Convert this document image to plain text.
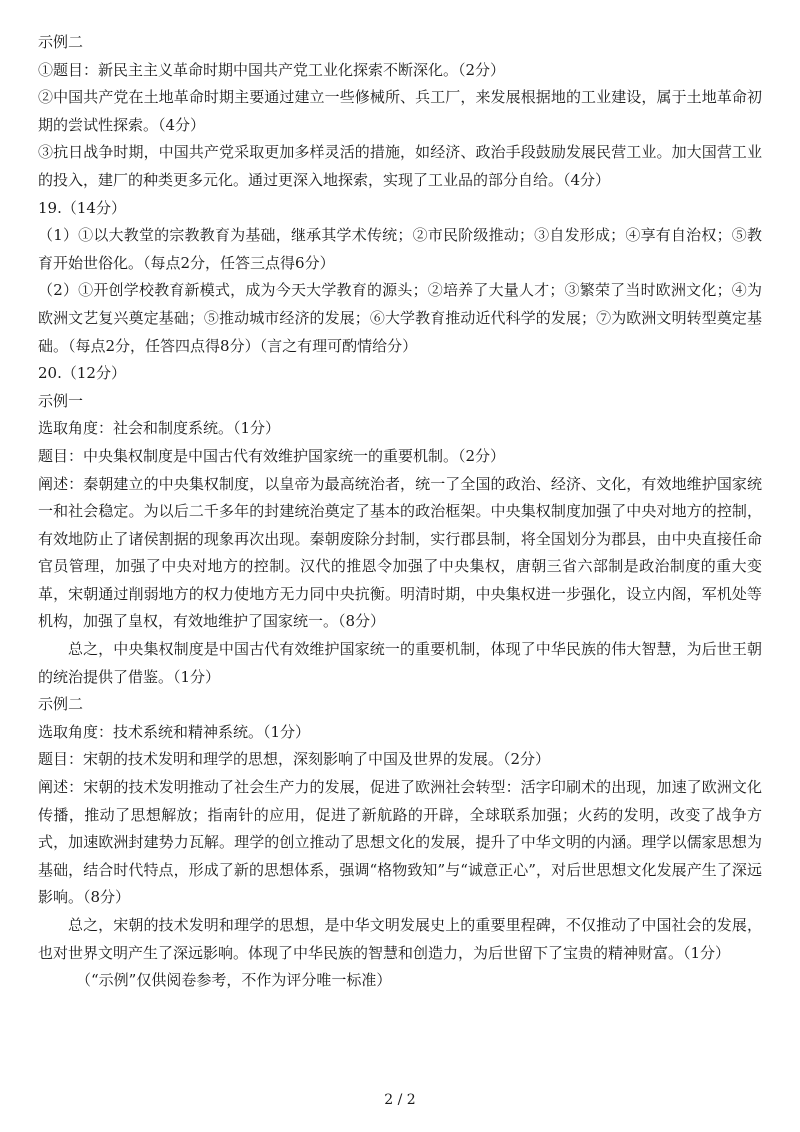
示例二

①题目：新民主主义革命时期中国共产党工业化探索不断深化。（2分）

②中国共产党在土地革命时期主要通过建立一些修械所、兵工厂，来发展根据地的工业建设，属于土地革命初期的尝试性探索。（4分）

③抗日战争时期，中国共产党采取更加多样灵活的措施，如经济、政治手段鼓励发展民营工业。加大国营工业的投入，建厂的种类更多元化。通过更深入地探索，实现了工业品的部分自给。（4分）

19.（14分）

（1）①以大教堂的宗教教育为基础，继承其学术传统；②市民阶级推动；③自发形成；④享有自治权；⑤教育开始世俗化。（每点2分，任答三点得6分）

（2）①开创学校教育新模式，成为今天大学教育的源头；②培养了大量人才；③繁荣了当时欧洲文化；④为欧洲文艺复兴奠定基础；⑤推动城市经济的发展；⑥大学教育推动近代科学的发展；⑦为欧洲文明转型奠定基础。（每点2分，任答四点得8分）（言之有理可酌情给分）

20.（12分）

示例一

选取角度：社会和制度系统。（1分）

题目：中央集权制度是中国古代有效维护国家统一的重要机制。（2分）

阐述：秦朝建立的中央集权制度，以皇帝为最高统治者，统一了全国的政治、经济、文化，有效地维护国家统一和社会稳定。为以后二千多年的封建统治奠定了基本的政治框架。中央集权制度加强了中央对地方的控制，有效地防止了诸侯割据的现象再次出现。秦朝废除分封制，实行郡县制，将全国划分为郡县，由中央直接任命官员管理，加强了中央对地方的控制。汉代的推恩令加强了中央集权，唐朝三省六部制是政治制度的重大变革，宋朝通过削弱地方的权力使地方无力同中央抗衡。明清时期，中央集权进一步强化，设立内阁，军机处等机构，加强了皇权，有效地维护了国家统一。（8分）

总之，中央集权制度是中国古代有效维护国家统一的重要机制，体现了中华民族的伟大智慧，为后世王朝的统治提供了借鉴。（1分）

示例二

选取角度：技术系统和精神系统。（1分）

题目：宋朝的技术发明和理学的思想，深刻影响了中国及世界的发展。（2分）

阐述：宋朝的技术发明推动了社会生产力的发展，促进了欧洲社会转型：活字印刷术的出现，加速了欧洲文化传播，推动了思想解放；指南针的应用，促进了新航路的开辟，全球联系加强；火药的发明，改变了战争方式，加速欧洲封建势力瓦解。理学的创立推动了思想文化的发展，提升了中华文明的内涵。理学以儒家思想为基础，结合时代特点，形成了新的思想体系，强调“格物致知”与“诚意正心”，对后世思想文化发展产生了深远影响。（8分）

总之，宋朝的技术发明和理学的思想，是中华文明发展史上的重要里程碑，不仅推动了中国社会的发展，也对世界文明产生了深远影响。体现了中华民族的智慧和创造力，为后世留下了宝贵的精神财富。（1分）

（“示例”仅供阅卷参考，不作为评分唯一标准）

2 / 2
